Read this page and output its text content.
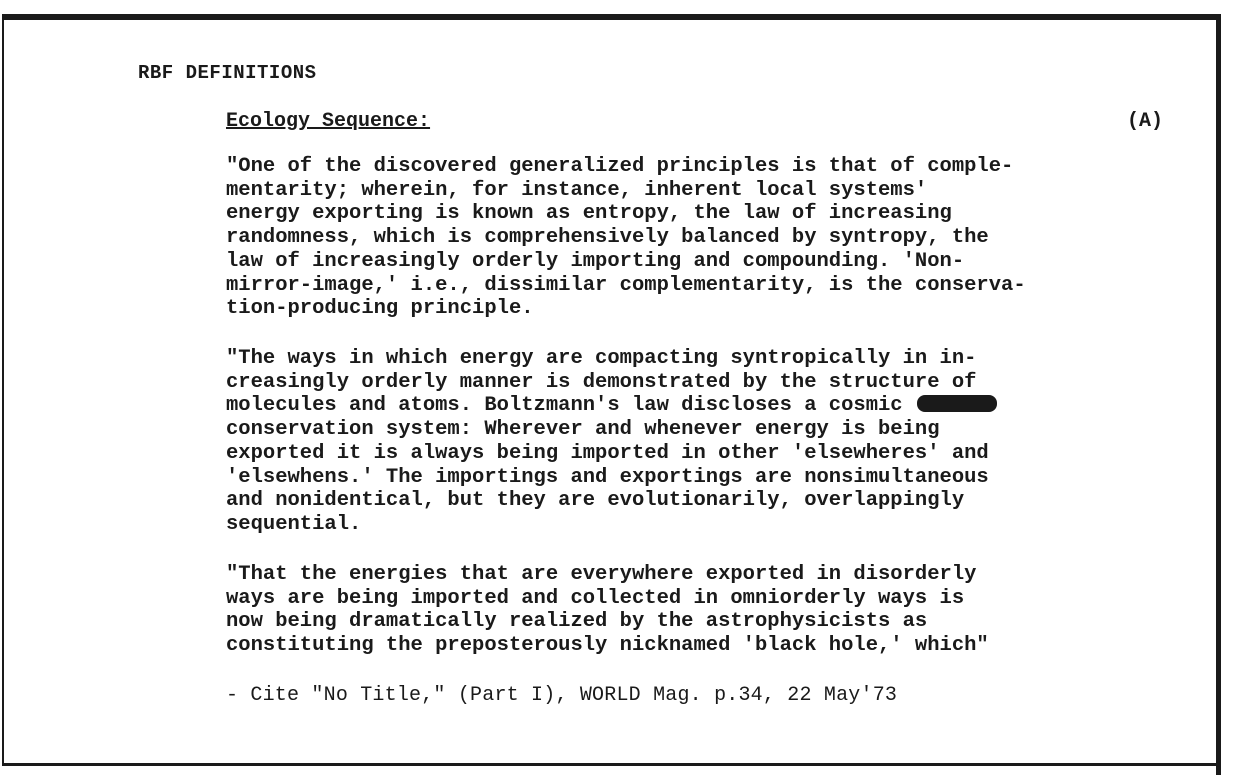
RBF DEFINITIONS
Ecology Sequence:	(A)
"One of the discovered generalized principles is that of comple-
mentarity; wherein, for instance, inherent local systems'
energy exporting is known as entropy, the law of increasing
randomness, which is comprehensively balanced by syntropy, the
law of increasingly orderly importing and compounding. 'Non-
mirror-image,' i.e., dissimilar complementarity, is the conserva-
tion-producing principle.
"The ways in which energy are compacting syntropically in in-
creasingly orderly manner is demonstrated by the structure of
molecules and atoms. Boltzmann's law discloses a cosmic
conservation system: Wherever and whenever energy is being
exported it is always being imported in other 'elsewheres' and
'elsewhens.' The importings and exportings are nonsimultaneous
and nonidentical, but they are evolutionarily, overlappingly
sequential.
"That the energies that are everywhere exported in disorderly
ways are being imported and collected in omniorderly ways is
now being dramatically realized by the astrophysicists as
constituting the preposterously nicknamed 'black hole,' which"
- Cite "No Title," (Part I), WORLD Mag. p.34, 22 May'73
